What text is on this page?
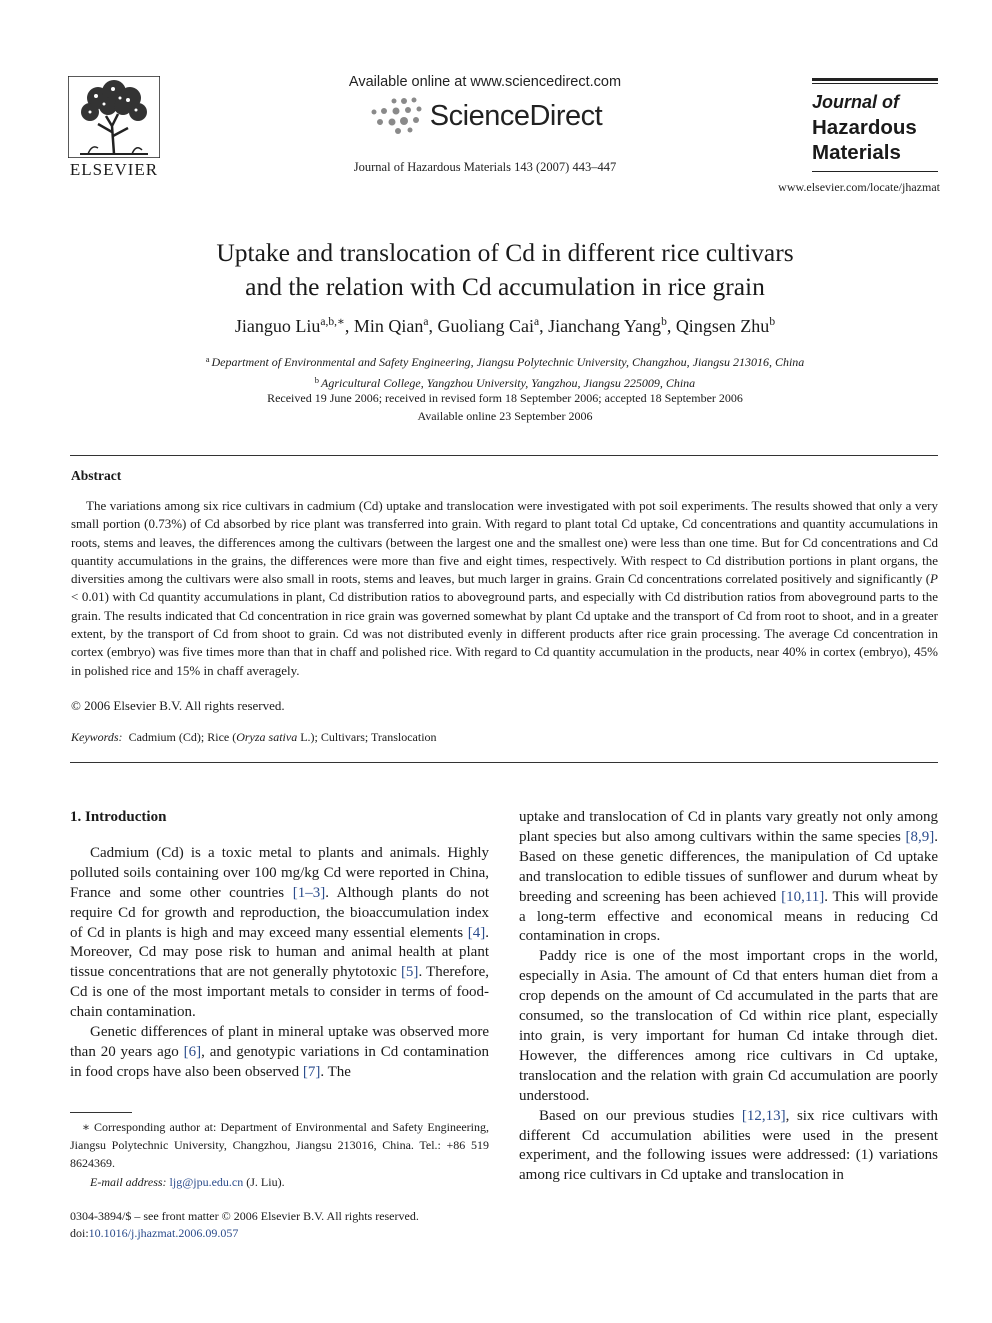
ELSEVIER
Available online at www.sciencedirect.com
ScienceDirect
Journal of Hazardous Materials 143 (2007) 443–447
Journal of
Hazardous
Materials
www.elsevier.com/locate/jhazmat
Uptake and translocation of Cd in different rice cultivars
and the relation with Cd accumulation in rice grain
Jianguo Liu$^{a,b,∗}$, Min Qian$^a$, Guoliang Cai$^a$, Jianchang Yang$^b$, Qingsen Zhu$^b$
$^a$ Department of Environmental and Safety Engineering, Jiangsu Polytechnic University, Changzhou, Jiangsu 213016, China
$^b$ Agricultural College, Yangzhou University, Yangzhou, Jiangsu 225009, China
Received 19 June 2006; received in revised form 18 September 2006; accepted 18 September 2006
Available online 23 September 2006
Abstract
The variations among six rice cultivars in cadmium (Cd) uptake and translocation were investigated with pot soil experiments. The results showed that only a very small portion (0.73%) of Cd absorbed by rice plant was transferred into grain. With regard to plant total Cd uptake, Cd concentrations and quantity accumulations in roots, stems and leaves, the differences among the cultivars (between the largest one and the smallest one) were less than one time. But for Cd concentrations and Cd quantity accumulations in the grains, the differences were more than five and eight times, respectively. With respect to Cd distribution portions in plant organs, the diversities among the cultivars were also small in roots, stems and leaves, but much larger in grains. Grain Cd concentrations correlated positively and significantly (P < 0.01) with Cd quantity accumulations in plant, Cd distribution ratios to aboveground parts, and especially with Cd distribution ratios from aboveground parts to the grain. The results indicated that Cd concentration in rice grain was governed somewhat by plant Cd uptake and the transport of Cd from root to shoot, and in a greater extent, by the transport of Cd from shoot to grain. Cd was not distributed evenly in different products after rice grain processing. The average Cd concentration in cortex (embryo) was five times more than that in chaff and polished rice. With regard to Cd quantity accumulation in the products, near 40% in cortex (embryo), 45% in polished rice and 15% in chaff averagely.
© 2006 Elsevier B.V. All rights reserved.
Keywords: Cadmium (Cd); Rice (Oryza sativa L.); Cultivars; Translocation
1. Introduction

Cadmium (Cd) is a toxic metal to plants and animals. Highly polluted soils containing over 100 mg/kg Cd were reported in China, France and some other countries [1–3]. Although plants do not require Cd for growth and reproduction, the bioaccumulation index of Cd in plants is high and may exceed many essential elements [4]. Moreover, Cd may pose risk to human and animal health at plant tissue concentrations that are not generally phytotoxic [5]. Therefore, Cd is one of the most important metals to consider in terms of food-chain contamination.

Genetic differences of plant in mineral uptake was observed more than 20 years ago [6], and genotypic variations in Cd contamination in food crops have also been observed [7]. The

uptake and translocation of Cd in plants vary greatly not only among plant species but also among cultivars within the same species [8,9]. Based on these genetic differences, the manipulation of Cd uptake and translocation to edible tissues of sunflower and durum wheat by breeding and screening has been achieved [10,11]. This will provide a long-term effective and economical means in reducing Cd contamination in crops.

Paddy rice is one of the most important crops in the world, especially in Asia. The amount of Cd that enters human diet from a crop depends on the amount of Cd accumulated in the parts that are consumed, so the translocation of Cd within rice plant, especially into grain, is very important for human Cd intake through diet. However, the differences among rice cultivars in Cd uptake, translocation and the relation with grain Cd accumulation are poorly understood.

Based on our previous studies [12,13], six rice cultivars with different Cd accumulation abilities were used in the present experiment, and the following issues were addressed: (1) variations among rice cultivars in Cd uptake and translocation in

∗ Corresponding author at: Department of Environmental and Safety Engineering, Jiangsu Polytechnic University, Changzhou, Jiangsu 213016, China. Tel.: +86 519 8624369.
E-mail address: ljg@jpu.edu.cn (J. Liu).
0304-3894/$ – see front matter © 2006 Elsevier B.V. All rights reserved.
doi:10.1016/j.jhazmat.2006.09.057
